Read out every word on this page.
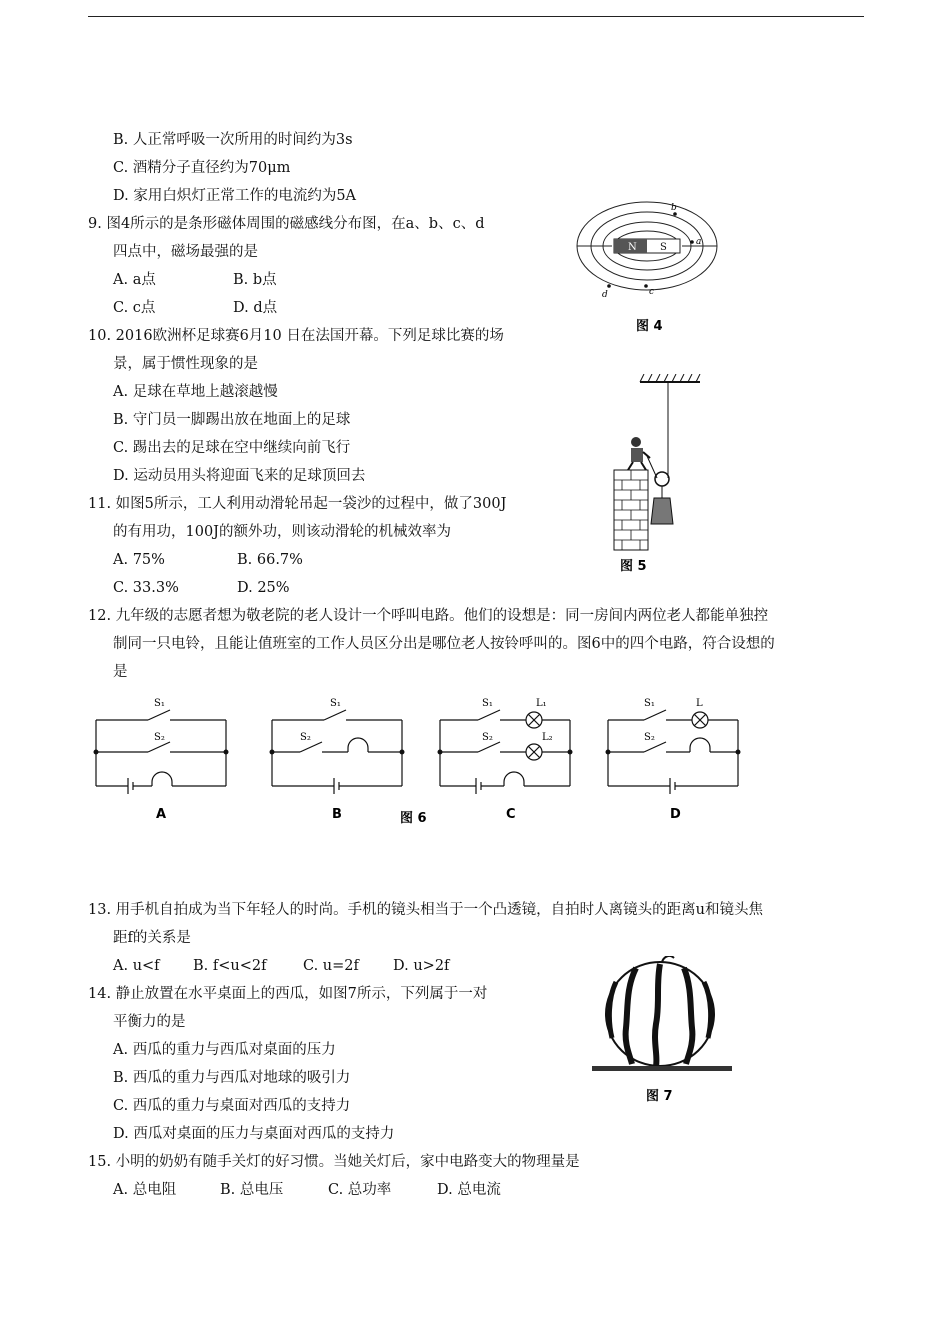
B. 人正常呼吸一次所用的时间约为3s
C. 酒精分子直径约为70μm
D. 家用白炽灯正常工作的电流约为5A
9. 图4所示的是条形磁体周围的磁感线分布图，在a、b、c、d
四点中，磁场最强的是
A. a点	B. b点
C. c点	D. d点
10. 2016欧洲杯足球赛6月10 日在法国开幕。下列足球比赛的场
景，属于惯性现象的是
A. 足球在草地上越滚越慢
B. 守门员一脚踢出放在地面上的足球
C. 踢出去的足球在空中继续向前飞行
D. 运动员用头将迎面飞来的足球顶回去
11. 如图5所示，工人利用动滑轮吊起一袋沙的过程中，做了300J
的有用功，100J的额外功，则该动滑轮的机械效率为
A. 75%	B. 66.7%
C. 33.3%	D. 25%
12. 九年级的志愿者想为敬老院的老人设计一个呼叫电路。他们的设想是：同一房间内两位老人都能单独控
制同一只电铃，且能让值班室的工作人员区分出是哪位老人按铃呼叫的。图6中的四个电路，符合设想的
是
13. 用手机自拍成为当下年轻人的时尚。手机的镜头相当于一个凸透镜，自拍时人离镜头的距离u和镜头焦
距f的关系是
A. u<f B. f<u<2f	C. u=2f D. u>2f
14. 静止放置在水平桌面上的西瓜，如图7所示，下列属于一对
平衡力的是
A. 西瓜的重力与西瓜对桌面的压力
B. 西瓜的重力与西瓜对地球的吸引力
C. 西瓜的重力与桌面对西瓜的支持力
D. 西瓜对桌面的压力与桌面对西瓜的支持力
15. 小明的奶奶有随手关灯的好习惯。当她关灯后，家中电路变大的物理量是
A. 总电阻	B. 总电压	C. 总功率	D. 总电流
N S
b
a
c
d
图 4
图 5
S₁
S₂
S₁
S₂
S₁
S₂
L₁
L₂
S₁
S₂
L
A	B	图 6	C	D
图 7
